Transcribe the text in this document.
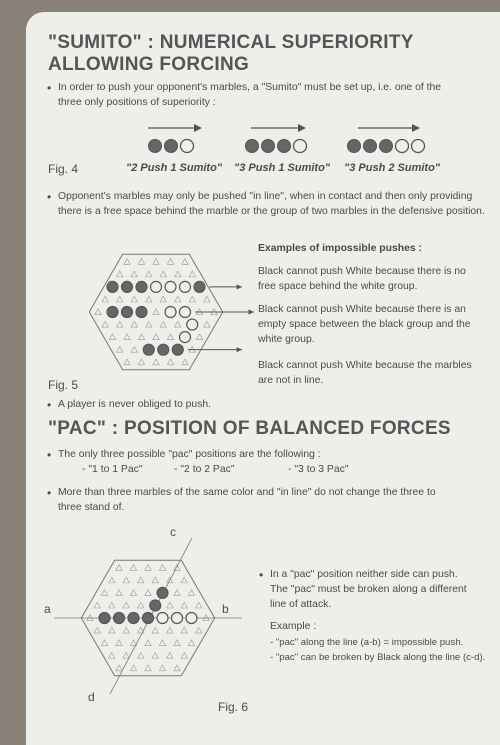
"SUMITO" : NUMERICAL SUPERIORITY
ALLOWING FORCING
• In order to push your opponent's marbles, a "Sumito" must be set up, i.e. one of the
three only positions of superiority :
Fig. 4	"2 Push 1 Sumito" "3 Push 1 Sumito" "3 Push 2 Sumito"
• Opponent's marbles may only be pushed "in line", when in contact and then only providing
there is a free space behind the marble or the group of two marbles in the defensive position.
Examples of impossible pushes :
Black cannot push White because there is no
free space behind the white group.
Black cannot push White because there is an
empty space between the black group and the
white group.
Black cannot push White because the marbles
are not in line.
Fig. 5
• A player is never obliged to push.
"PAC" : POSITION OF BALANCED FORCES
• The only three possible "pac" positions are the following :
- "1 to 1 Pac"	- "2 to 2 Pac"	- "3 to 3 Pac"
• More than three marbles of the same color and "in line" do not change the three to
three stand of.
c
a	b
d
• In a "pac" position neither side can push.
The "pac" must be broken along a different
line of attack.
Example :
- "pac" along the line (a-b) = impossible push.
- "pac" can be broken by Black along the line (c-d).
Fig. 6
